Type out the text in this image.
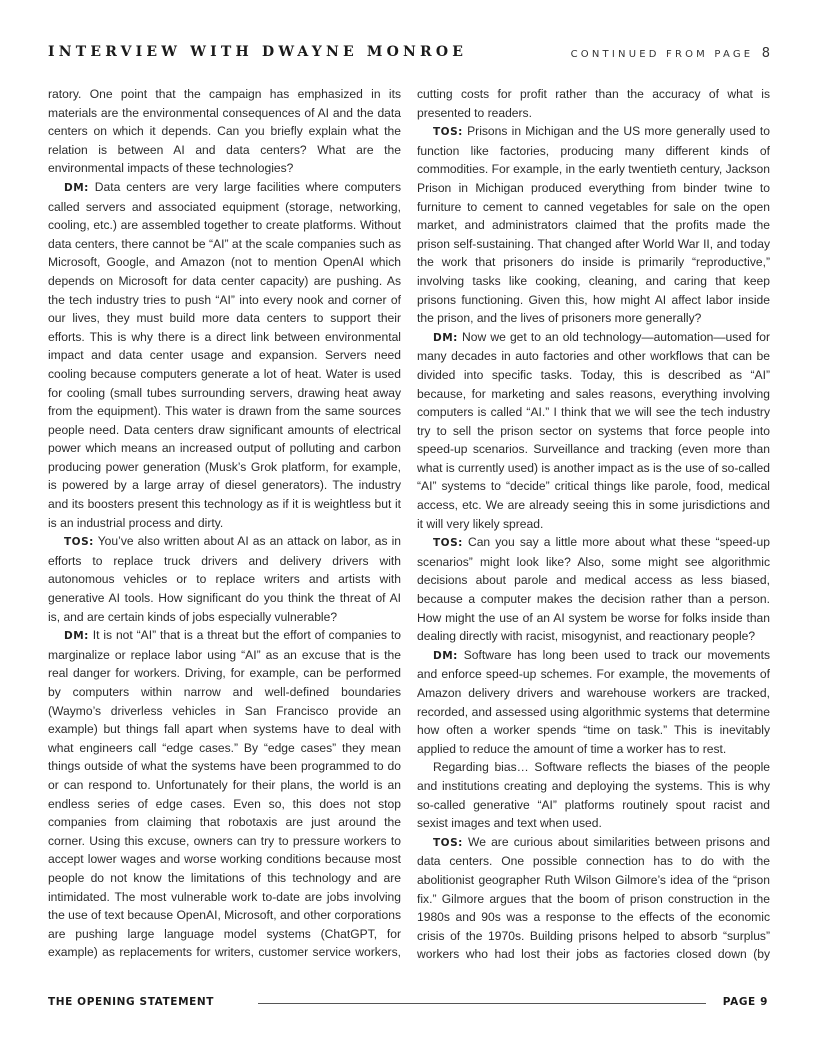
INTERVIEW WITH DWAYNE MONROE	CONTINUED FROM PAGE 8

ratory. One point that the campaign has emphasized in its materials are the environmental consequences of AI and the data centers on which it depends. Can you briefly explain what the relation is between AI and data centers? What are the environmental impacts of these technologies?

DM: Data centers are very large facilities where computers called servers and associated equipment (storage, networking, cooling, etc.) are assembled together to create platforms. Without data centers, there cannot be “AI” at the scale companies such as Microsoft, Google, and Amazon (not to mention OpenAI which depends on Microsoft for data center capacity) are pushing. As the tech industry tries to push “AI” into every nook and corner of our lives, they must build more data centers to support their efforts. This is why there is a direct link between environmental impact and data center usage and expansion. Servers need cooling because computers generate a lot of heat. Water is used for cooling (small tubes surrounding servers, drawing heat away from the equipment). This water is drawn from the same sources people need. Data centers draw significant amounts of electrical power which means an increased output of polluting and carbon producing power generation (Musk’s Grok platform, for example, is powered by a large array of diesel generators). The industry and its boosters present this technology as if it is weightless but it is an industrial process and dirty.

TOS: You’ve also written about AI as an attack on labor, as in efforts to replace truck drivers and delivery drivers with autonomous vehicles or to replace writers and artists with generative AI tools. How significant do you think the threat of AI is, and are certain kinds of jobs especially vulnerable?

DM: It is not “AI” that is a threat but the effort of companies to marginalize or replace labor using “AI” as an excuse that is the real danger for workers. Driving, for example, can be performed by computers within narrow and well-defined boundaries (Waymo’s driverless vehicles in San Francisco provide an example) but things fall apart when systems have to deal with what engineers call “edge cases.” By “edge cases” they mean things outside of what the systems have been programmed to do or can respond to. Unfortunately for their plans, the world is an endless series of edge cases. Even so, this does not stop companies from claiming that robotaxis are just around the corner. Using this excuse, owners can try to pressure workers to accept lower wages and worse working conditions because most people do not know the limitations of this technology and are intimidated. The most vulnerable work to-date are jobs involving the use of text because OpenAI, Microsoft, and other corporations are pushing large language model systems (ChatGPT, for example) as replacements for writers, customer service workers,

cutting costs for profit rather than the accuracy of what is presented to readers.

TOS: Prisons in Michigan and the US more generally used to function like factories, producing many different kinds of commodities. For example, in the early twentieth century, Jackson Prison in Michigan produced everything from binder twine to furniture to cement to canned vegetables for sale on the open market, and administrators claimed that the profits made the prison self-sustaining. That changed after World War II, and today the work that prisoners do inside is primarily “reproductive,” involving tasks like cooking, cleaning, and caring that keep prisons functioning. Given this, how might AI affect labor inside the prison, and the lives of prisoners more generally?

DM: Now we get to an old technology—automation—used for many decades in auto factories and other workflows that can be divided into specific tasks. Today, this is described as “AI” because, for marketing and sales reasons, everything involving computers is called “AI.” I think that we will see the tech industry try to sell the prison sector on systems that force people into speed-up scenarios. Surveillance and tracking (even more than what is currently used) is another impact as is the use of so-called “AI” systems to “decide” critical things like parole, food, medical access, etc. We are already seeing this in some jurisdictions and it will very likely spread.

TOS: Can you say a little more about what these “speed-up scenarios” might look like? Also, some might see algorithmic decisions about parole and medical access as less biased, because a computer makes the decision rather than a person. How might the use of an AI system be worse for folks inside than dealing directly with racist, misogynist, and reactionary people?

DM: Software has long been used to track our movements and enforce speed-up schemes. For example, the movements of Amazon delivery drivers and warehouse workers are tracked, recorded, and assessed using algorithmic systems that determine how often a worker spends “time on task.” This is inevitably applied to reduce the amount of time a worker has to rest.

Regarding bias… Software reflects the biases of the people and institutions creating and deploying the systems. This is why so-called generative “AI” platforms routinely spout racist and sexist images and text when used.

TOS: We are curious about similarities between prisons and data centers. One possible connection has to do with the abolitionist geographer Ruth Wilson Gilmore’s idea of the “prison fix.” Gilmore argues that the boom of prison construction in the 1980s and 90s was a response to the effects of the economic crisis of the 1970s. Building prisons helped to absorb “surplus” workers who had lost their jobs as factories closed down (by

THE OPENING STATEMENT	PAGE 9
